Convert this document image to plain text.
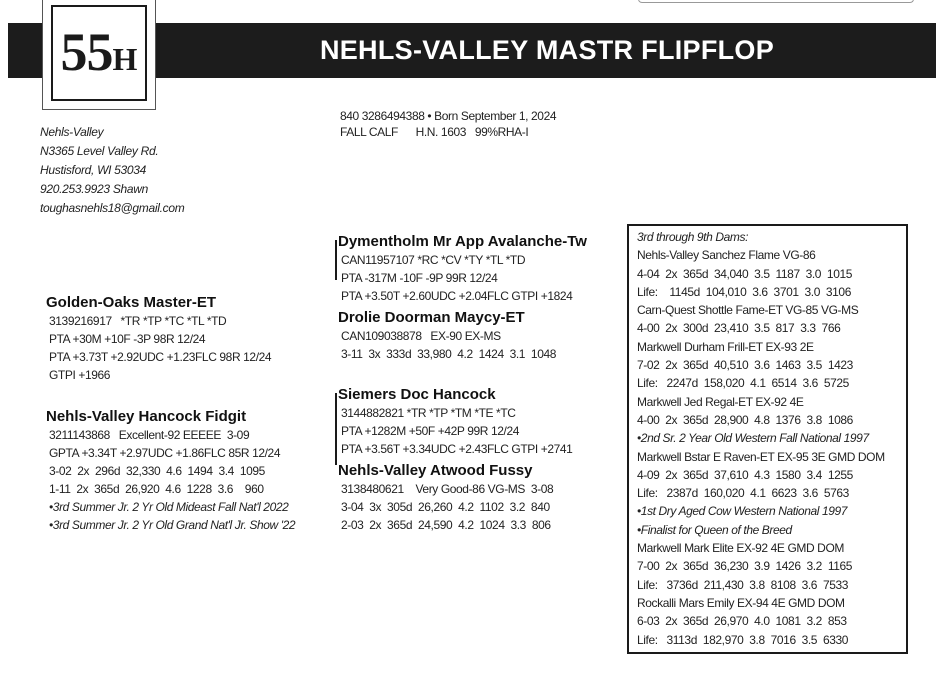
NEHLS-VALLEY MASTR FLIPFLOP
55H
Nehls-Valley
N3365 Level Valley Rd.
Hustisford, WI 53034
920.253.9923 Shawn
toughasnehls18@gmail.com
840 3286494388 • Born September 1, 2024
FALL CALF      H.N. 1603   99%RHA-I
Golden-Oaks Master-ET
3139216917   *TR *TP *TC *TL *TD
PTA +30M +10F -3P 98R 12/24
PTA +3.73T +2.92UDC +1.23FLC 98R 12/24
GTPI +1966
Nehls-Valley Hancock Fidgit
3211143868   Excellent-92 EEEEE  3-09
GPTA +3.34T +2.97UDC +1.86FLC 85R 12/24
3-02  2x  296d  32,330  4.6  1494  3.4  1095
1-11  2x  365d  26,920  4.6  1228  3.6    960
•3rd Summer Jr. 2 Yr Old Mideast Fall Nat'l 2022
•3rd Summer Jr. 2 Yr Old Grand Nat'l Jr. Show '22
Dymentholm Mr App Avalanche-Tw
CAN11957107 *RC *CV *TY *TL *TD
PTA -317M -10F -9P 99R 12/24
PTA +3.50T +2.60UDC +2.04FLC GTPI +1824
Drolie Doorman Maycy-ET
CAN109038878   EX-90 EX-MS
3-11  3x  333d  33,980  4.2  1424  3.1  1048
Siemers Doc Hancock
3144882821 *TR *TP *TM *TE *TC
PTA +1282M +50F +42P 99R 12/24
PTA +3.56T +3.34UDC +2.43FLC GTPI +2741
Nehls-Valley Atwood Fussy
3138480621    Very Good-86 VG-MS  3-08
3-04  3x  305d  26,260  4.2  1102  3.2  840
2-03  2x  365d  24,590  4.2  1024  3.3  806
3rd through 9th Dams:
Nehls-Valley Sanchez Flame VG-86
4-04  2x  365d  34,040  3.5  1187  3.0  1015
Life:    1145d  104,010  3.6  3701  3.0  3106
Carn-Quest Shottle Fame-ET VG-85 VG-MS
4-00  2x  300d  23,410  3.5  817  3.3  766
Markwell Durham Frill-ET EX-93 2E
7-02  2x  365d  40,510  3.6  1463  3.5  1423
Life:   2247d  158,020  4.1  6514  3.6  5725
Markwell Jed Regal-ET EX-92 4E
4-00  2x  365d  28,900  4.8  1376  3.8  1086
•2nd Sr. 2 Year Old Western Fall National 1997
Markwell Bstar E Raven-ET EX-95 3E GMD DOM
4-09  2x  365d  37,610  4.3  1580  3.4  1255
Life:   2387d  160,020  4.1  6623  3.6  5763
•1st Dry Aged Cow Western National 1997
•Finalist for Queen of the Breed
Markwell Mark Elite EX-92 4E GMD DOM
7-00  2x  365d  36,230  3.9  1426  3.2  1165
Life:   3736d  211,430  3.8  8108  3.6  7533
Rockalli Mars Emily EX-94 4E GMD DOM
6-03  2x  365d  26,970  4.0  1081  3.2  853
Life:   3113d  182,970  3.8  7016  3.5  6330
